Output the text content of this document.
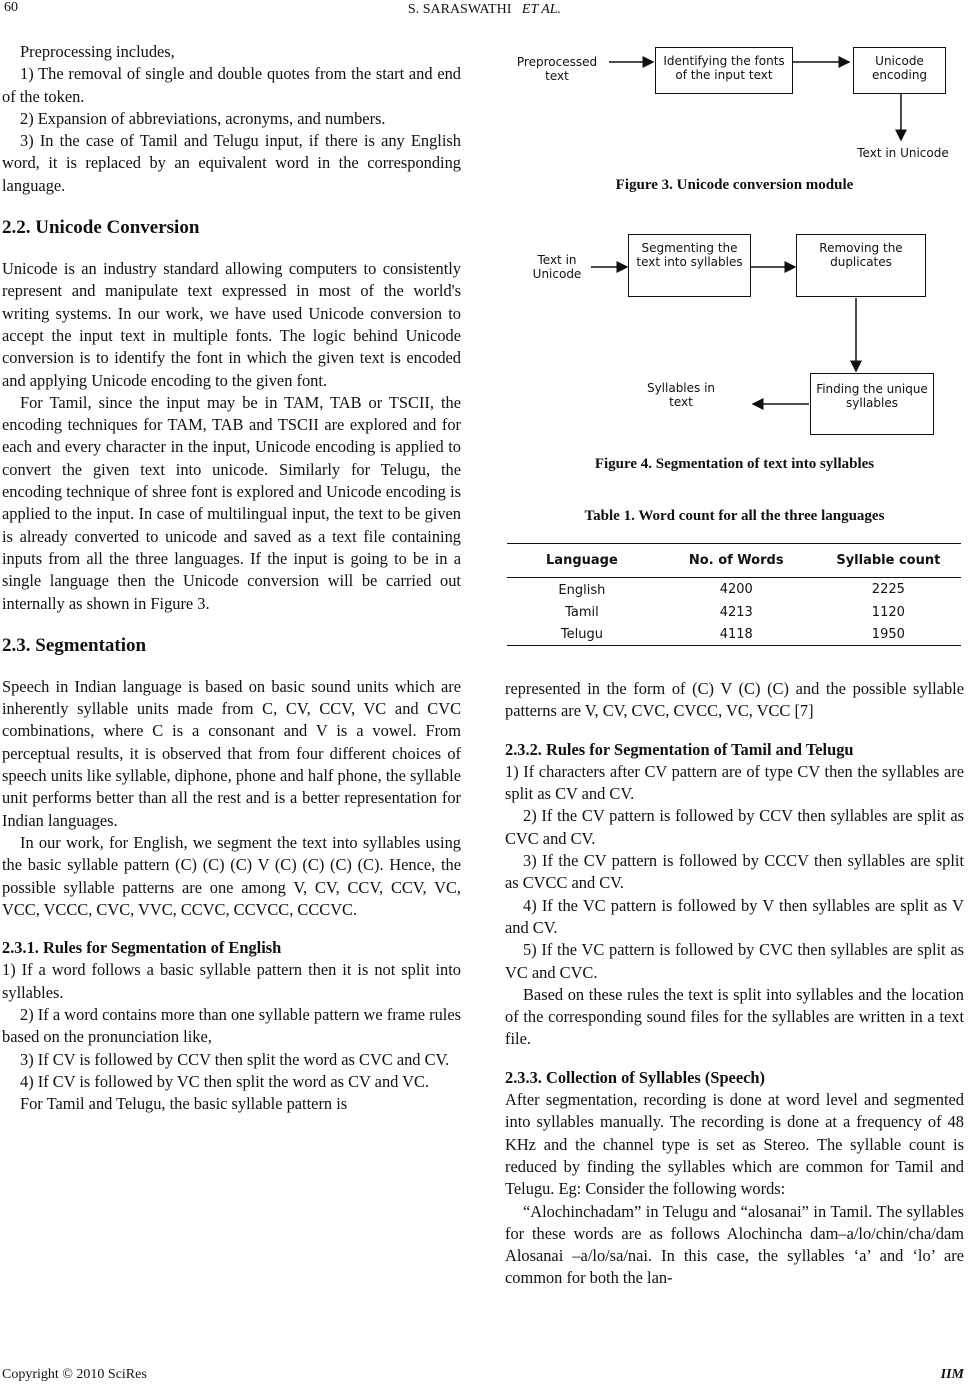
60	S. SARASWATHI ET AL.

Preprocessing includes,

1) The removal of single and double quotes from the start and end of the token.

2) Expansion of abbreviations, acronyms, and numbers.

3) In the case of Tamil and Telugu input, if there is any English word, it is replaced by an equivalent word in the corresponding language.

2.2. Unicode Conversion

Unicode is an industry standard allowing computers to consistently represent and manipulate text expressed in most of the world's writing systems. In our work, we have used Unicode conversion to accept the input text in multiple fonts. The logic behind Unicode conversion is to identify the font in which the given text is encoded and applying Unicode encoding to the given font.

For Tamil, since the input may be in TAM, TAB or TSCII, the encoding techniques for TAM, TAB and TSCII are explored and for each and every character in the input, Unicode encoding is applied to convert the given text into unicode. Similarly for Telugu, the encoding technique of shree font is explored and Unicode encoding is applied to the input. In case of multilingual input, the text to be given is already converted to unicode and saved as a text file containing inputs from all the three languages. If the input is going to be in a single language then the Unicode conversion will be carried out internally as shown in Figure 3.

2.3. Segmentation

Speech in Indian language is based on basic sound units which are inherently syllable units made from C, CV, CCV, VC and CVC combinations, where C is a consonant and V is a vowel. From perceptual results, it is observed that from four different choices of speech units like syllable, diphone, phone and half phone, the syllable unit performs better than all the rest and is a better representation for Indian languages.

In our work, for English, we segment the text into syllables using the basic syllable pattern (C) (C) (C) V (C) (C) (C) (C). Hence, the possible syllable patterns are one among V, CV, CCV, CCV, VC, VCC, VCCC, CVC, VVC, CCVC, CCVCC, CCCVC.

2.3.1. Rules for Segmentation of English

1) If a word follows a basic syllable pattern then it is not split into syllables.

2) If a word contains more than one syllable pattern we frame rules based on the pronunciation like,

3) If CV is followed by CCV then split the word as CVC and CV.

4) If CV is followed by VC then split the word as CV and VC.

For Tamil and Telugu, the basic syllable pattern is

Preprocessed text
Identifying the fonts of the input text
Unicode encoding
Text in Unicode
Figure 3. Unicode conversion module
Text in Unicode
Segmenting the text into syllables
Removing the duplicates
Finding the unique syllables
Syllables in text
Figure 4. Segmentation of text into syllables
Table 1. Word count for all the three languages
Language	No. of Words	Syllable count
English	4200	2225
Tamil	4213	1120
Telugu	4118	1950

represented in the form of (C) V (C) (C) and the possible syllable patterns are V, CV, CVC, CVCC, VC, VCC [7]

2.3.2. Rules for Segmentation of Tamil and Telugu

1) If characters after CV pattern are of type CV then the syllables are split as CV and CV.

2) If the CV pattern is followed by CCV then syllables are split as CVC and CV.

3) If the CV pattern is followed by CCCV then syllables are split as CVCC and CV.

4) If the VC pattern is followed by V then syllables are split as V and CV.

5) If the VC pattern is followed by CVC then syllables are split as VC and CVC.

Based on these rules the text is split into syllables and the location of the corresponding sound files for the syllables are written in a text file.

2.3.3. Collection of Syllables (Speech)

After segmentation, recording is done at word level and segmented into syllables manually. The recording is done at a frequency of 48 KHz and the channel type is set as Stereo. The syllable count is reduced by finding the syllables which are common for Tamil and Telugu. Eg: Consider the following words:

“Alochinchadam” in Telugu and “alosanai” in Tamil. The syllables for these words are as follows Alochincha dam–a/lo/chin/cha/dam Alosanai –a/lo/sa/nai. In this case, the syllables ‘a’ and ‘lo’ are common for both the lan-

Copyright © 2010 SciRes	IIM
